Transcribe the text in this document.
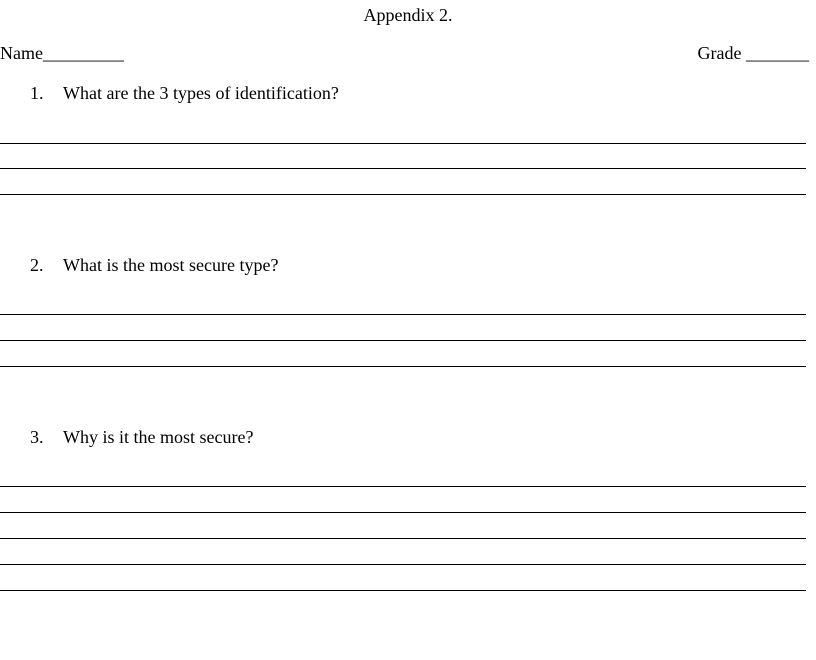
Appendix 2.
Name_________	Grade _______
1. What are the 3 types of identification?
2. What is the most secure type?
3. Why is it the most secure?
